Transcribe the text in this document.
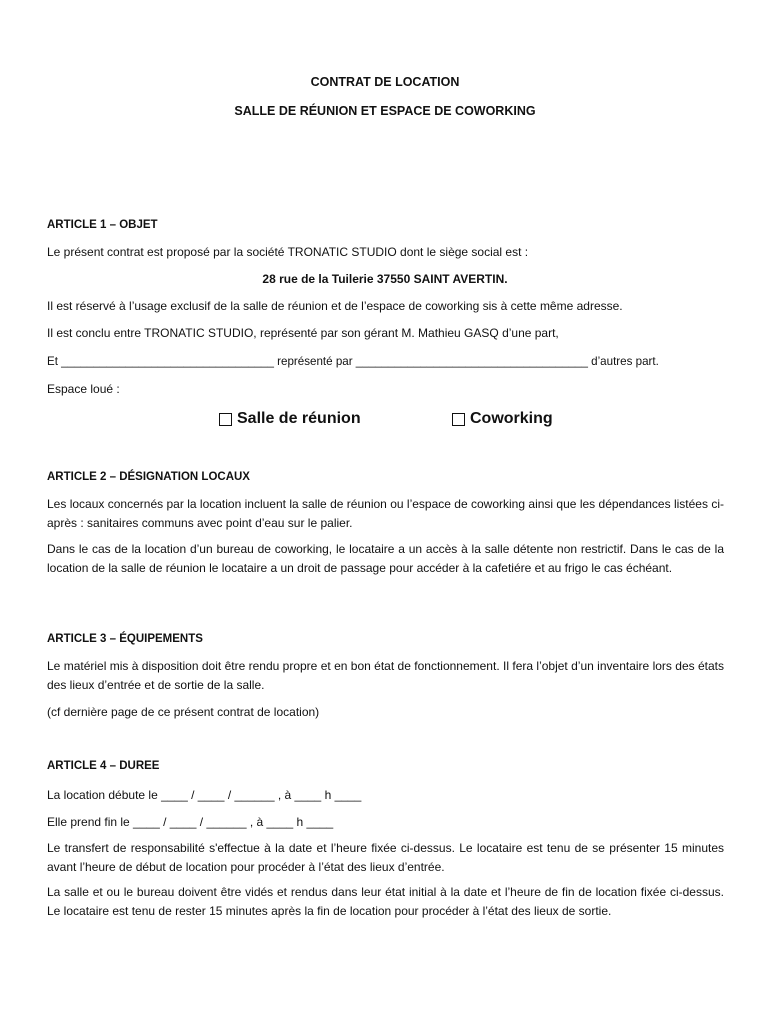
CONTRAT DE LOCATION
SALLE DE RÉUNION ET ESPACE DE COWORKING
ARTICLE 1 – OBJET
Le présent contrat est proposé par la société TRONATIC STUDIO dont le siège social est :
28 rue de la Tuilerie 37550 SAINT AVERTIN.
Il est réservé à l’usage exclusif de la salle de réunion et de l’espace de coworking sis à cette même adresse.
Il est conclu entre TRONATIC STUDIO, représenté par son gérant M. Mathieu GASQ d’une part,
Et _________________________________ représenté par ____________________________________ d’autres part.
Espace loué :
Salle de réunion	Coworking
ARTICLE 2 – DÉSIGNATION LOCAUX
Les locaux concernés par la location incluent la salle de réunion ou l’espace de coworking ainsi que les dépendances listées ci-après : sanitaires communs avec point d’eau sur le palier.
Dans le cas de la location d’un bureau de coworking, le locataire a un accès à la salle détente non restrictif. Dans le cas de la location de la salle de réunion le locataire a un droit de passage pour accéder à la cafetiére et au frigo le cas échéant.
ARTICLE 3 – ÉQUIPEMENTS
Le matériel mis à disposition doit être rendu propre et en bon état de fonctionnement. Il fera l’objet d’un inventaire lors des états des lieux d’entrée et de sortie de la salle.
(cf dernière page de ce présent contrat de location)
ARTICLE 4 – DUREE
La location débute le ____ / ____ / ______ , à ____ h ____
Elle prend fin le ____ / ____ / ______ , à ____ h ____
Le transfert de responsabilité s'effectue à la date et l’heure fixée ci-dessus. Le locataire est tenu de se présenter 15 minutes avant l’heure de début de location pour procéder à l’état des lieux d’entrée.
La salle et ou le bureau doivent être vidés et rendus dans leur état initial à la date et l’heure de fin de location fixée ci-dessus. Le locataire est tenu de rester 15 minutes après la fin de location pour procéder à l’état des lieux de sortie.
